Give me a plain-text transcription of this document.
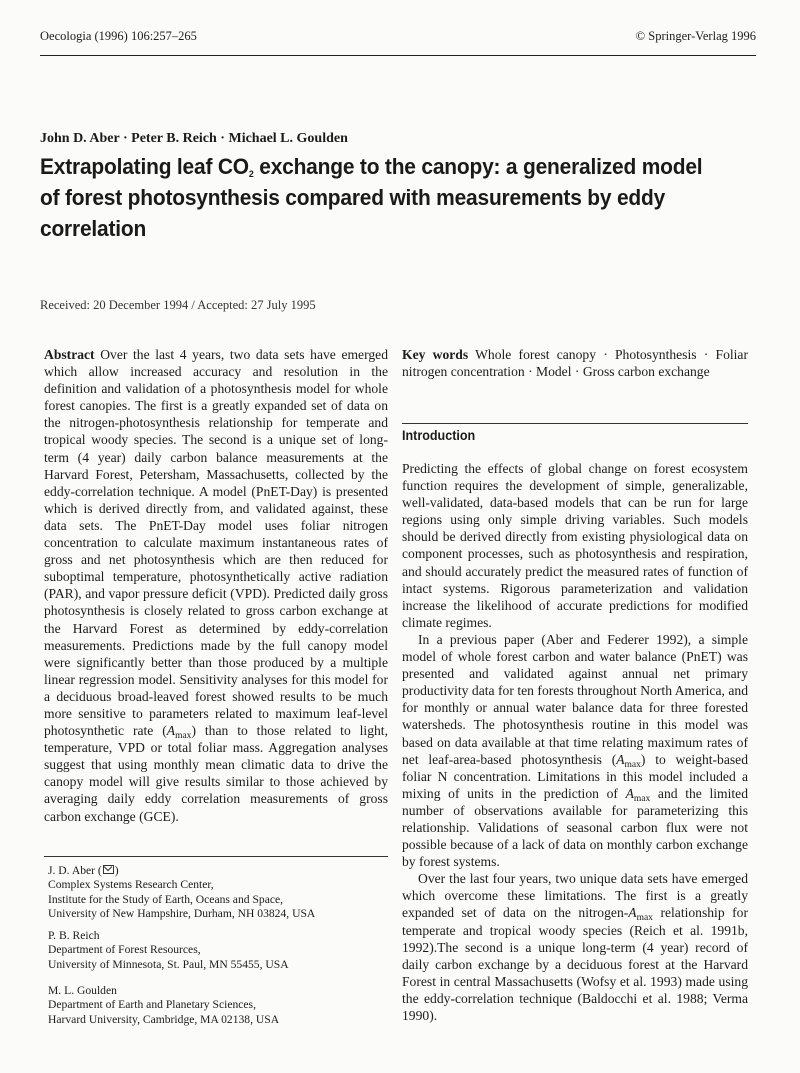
Oecologia (1996) 106:257–265	© Springer-Verlag 1996
John D. Aber · Peter B. Reich · Michael L. Goulden
Extrapolating leaf $CO_2$ exchange to the canopy: a generalized model of forest photosynthesis compared with measurements by eddy correlation
Received: 20 December 1994 / Accepted: 27 July 1995

Abstract Over the last 4 years, two data sets have emerged which allow increased accuracy and resolution in the definition and validation of a photosynthesis model for whole forest canopies. The first is a greatly expanded set of data on the nitrogen-photosynthesis relationship for temperate and tropical woody species. The second is a unique set of long-term (4 year) daily carbon balance measurements at the Harvard Forest, Petersham, Massachusetts, collected by the eddy-correlation technique. A model (PnET-Day) is presented which is derived directly from, and validated against, these data sets. The PnET-Day model uses foliar nitrogen concentration to calculate maximum instantaneous rates of gross and net photosynthesis which are then reduced for suboptimal temperature, photosynthetically active radiation (PAR), and vapor pressure deficit (VPD). Predicted daily gross photosynthesis is closely related to gross carbon exchange at the Harvard Forest as determined by eddy-correlation measurements. Predictions made by the full canopy model were significantly better than those produced by a multiple linear regression model. Sensitivity analyses for this model for a deciduous broad-leaved forest showed results to be much more sensitive to parameters related to maximum leaf-level photosynthetic rate $(A_{max})$ than to those related to light, temperature, VPD or total foliar mass. Aggregation analyses suggest that using monthly mean climatic data to drive the canopy model will give results similar to those achieved by averaging daily eddy correlation measurements of gross carbon exchange (GCE).

J. D. Aber ( )
Complex Systems Research Center,
Institute for the Study of Earth, Oceans and Space,
University of New Hampshire, Durham, NH 03824, USA
P. B. Reich
Department of Forest Resources,
University of Minnesota, St. Paul, MN 55455, USA
M. L. Goulden
Department of Earth and Planetary Sciences,
Harvard University, Cambridge, MA 02138, USA
Key words Whole forest canopy · Photosynthesis · Foliar nitrogen concentration · Model · Gross carbon exchange
Introduction

Predicting the effects of global change on forest ecosystem function requires the development of simple, generalizable, well-validated, data-based models that can be run for large regions using only simple driving variables. Such models should be derived directly from existing physiological data on component processes, such as photosynthesis and respiration, and should accurately predict the measured rates of function of intact systems. Rigorous parameterization and validation increase the likelihood of accurate predictions for modified climate regimes.

In a previous paper (Aber and Federer 1992), a simple model of whole forest carbon and water balance (PnET) was presented and validated against annual net primary productivity data for ten forests throughout North America, and for monthly or annual water balance data for three forested watersheds. The photosynthesis routine in this model was based on data available at that time relating maximum rates of net leaf-area-based photosynthesis $(A_{max})$ to weight-based foliar N concentration. Limitations in this model included a mixing of units in the prediction of $A_{max}$ and the limited number of observations available for parameterizing this relationship. Validations of seasonal carbon flux were not possible because of a lack of data on monthly carbon exchange by forest systems.

Over the last four years, two unique data sets have emerged which overcome these limitations. The first is a greatly expanded set of data on the nitrogen-$A_{max}$ relationship for temperate and tropical woody species (Reich et al. 1991b, 1992).The second is a unique long-term (4 year) record of daily carbon exchange by a deciduous forest at the Harvard Forest in central Massachusetts (Wofsy et al. 1993) made using the eddy-correlation technique (Baldocchi et al. 1988; Verma 1990).
